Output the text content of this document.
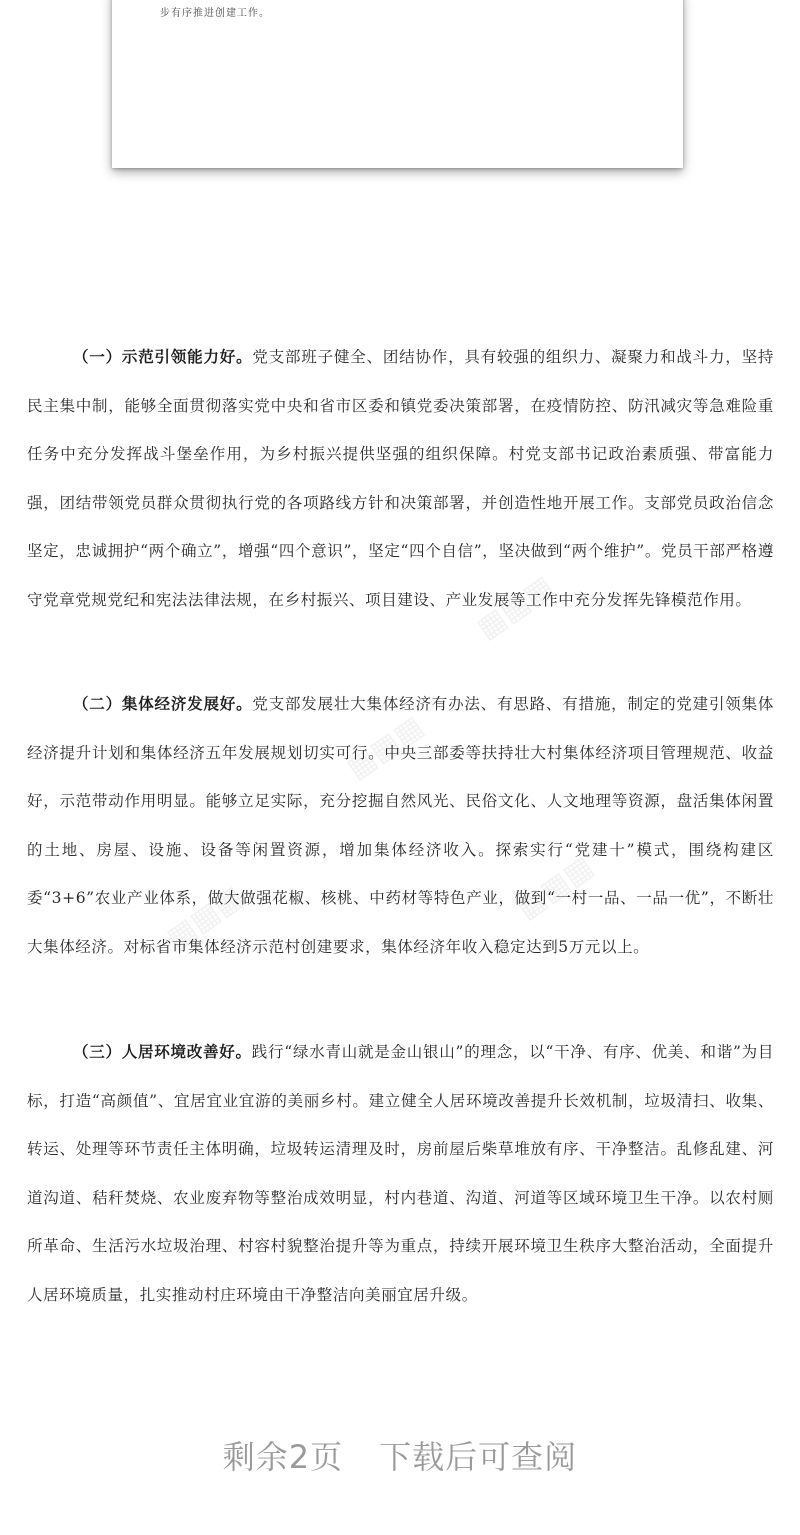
步有序推进创建工作。
（一）示范引领能力好。党支部班子健全、团结协作，具有较强的组织力、凝聚力和战斗力，坚持民主集中制，能够全面贯彻落实党中央和省市区委和镇党委决策部署，在疫情防控、防汛减灾等急难险重任务中充分发挥战斗堡垒作用，为乡村振兴提供坚强的组织保障。村党支部书记政治素质强、带富能力强，团结带领党员群众贯彻执行党的各项路线方针和决策部署，并创造性地开展工作。支部党员政治信念坚定，忠诚拥护“两个确立”，增强“四个意识”，坚定“四个自信”，坚决做到“两个维护”。党员干部严格遵守党章党规党纪和宪法法律法规，在乡村振兴、项目建设、产业发展等工作中充分发挥先锋模范作用。
（二）集体经济发展好。党支部发展壮大集体经济有办法、有思路、有措施，制定的党建引领集体经济提升计划和集体经济五年发展规划切实可行。中央三部委等扶持壮大村集体经济项目管理规范、收益好，示范带动作用明显。能够立足实际，充分挖掘自然风光、民俗文化、人文地理等资源，盘活集体闲置的土地、房屋、设施、设备等闲置资源，增加集体经济收入。探索实行“党建十”模式，围绕构建区委“3+6”农业产业体系，做大做强花椒、核桃、中药材等特色产业，做到“一村一品、一品一优”，不断壮大集体经济。对标省市集体经济示范村创建要求，集体经济年收入稳定达到5万元以上。
（三）人居环境改善好。践行“绿水青山就是金山银山”的理念，以“干净、有序、优美、和谐”为目标，打造“高颜值”、宜居宜业宜游的美丽乡村。建立健全人居环境改善提升长效机制，垃圾清扫、收集、转运、处理等环节责任主体明确，垃圾转运清理及时，房前屋后柴草堆放有序、干净整洁。乱修乱建、河道沟道、秸秆焚烧、农业废弃物等整治成效明显，村内巷道、沟道、河道等区域环境卫生干净。以农村厕所革命、生活污水垃圾治理、村容村貌整治提升等为重点，持续开展环境卫生秩序大整治活动，全面提升人居环境质量，扎实推动村庄环境由干净整洁向美丽宜居升级。
▦▦▦
▦▦▦
▦▦▦	▦▦▦
剩余2页 下载后可查阅
